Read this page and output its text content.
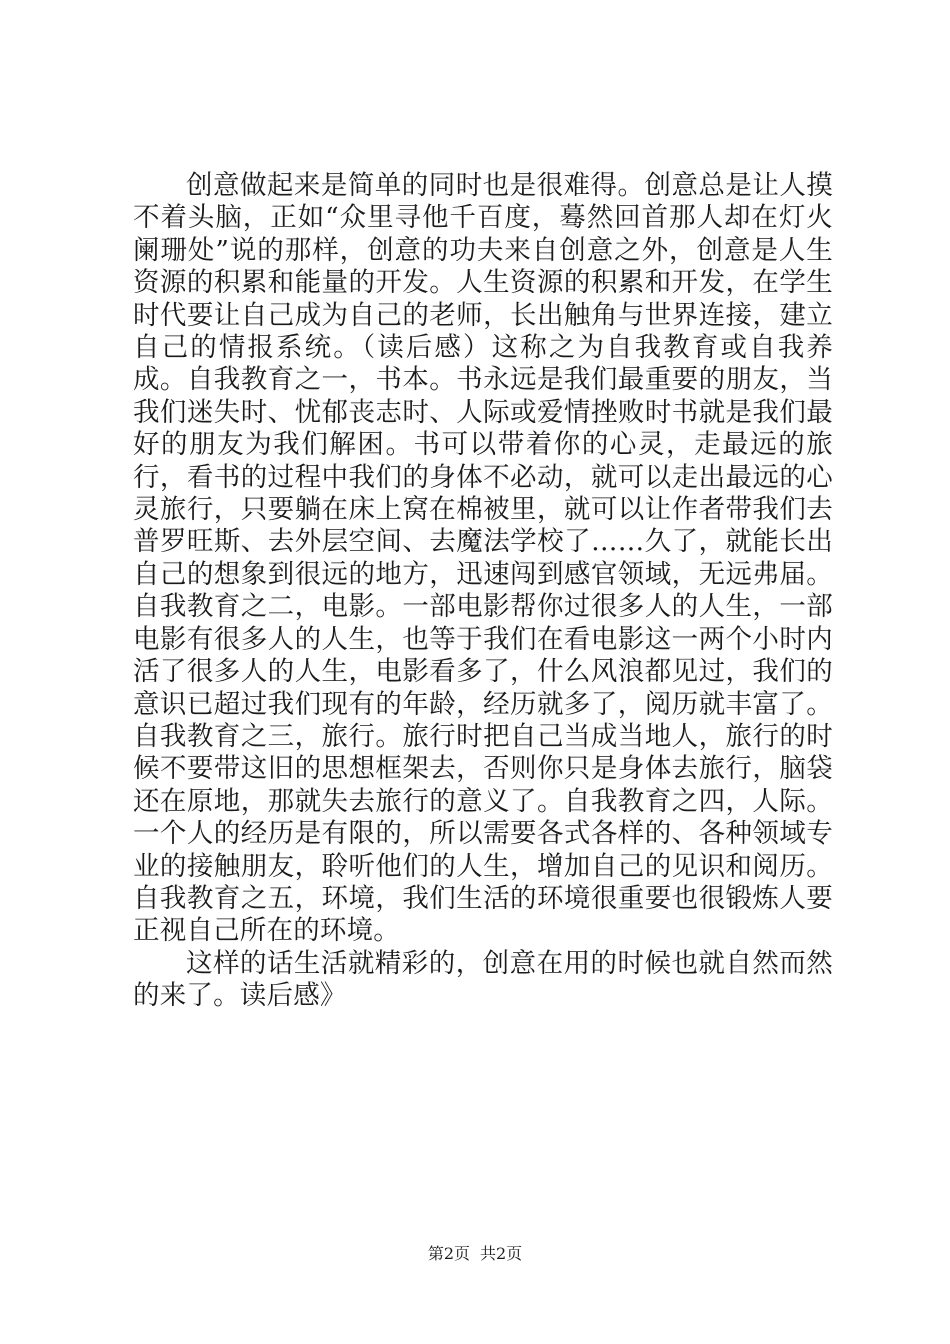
创意做起来是简单的同时也是很难得。创意总是让人摸不着头脑，正如“众里寻他千百度，蓦然回首那人却在灯火阑珊处”说的那样，创意的功夫来自创意之外，创意是人生资源的积累和能量的开发。人生资源的积累和开发，在学生时代要让自己成为自己的老师，长出触角与世界连接，建立自己的情报系统。（读后感）这称之为自我教育或自我养成。自我教育之一，书本。书永远是我们最重要的朋友，当我们迷失时、忧郁丧志时、人际或爱情挫败时书就是我们最好的朋友为我们解困。书可以带着你的心灵，走最远的旅行，看书的过程中我们的身体不必动，就可以走出最远的心灵旅行，只要躺在床上窝在棉被里，就可以让作者带我们去普罗旺斯、去外层空间、去魔法学校了……久了，就能长出自己的想象到很远的地方，迅速闯到感官领域，无远弗届。自我教育之二，电影。一部电影帮你过很多人的人生，一部电影有很多人的人生，也等于我们在看电影这一两个小时内活了很多人的人生，电影看多了，什么风浪都见过，我们的意识已超过我们现有的年龄，经历就多了，阅历就丰富了。自我教育之三，旅行。旅行时把自己当成当地人，旅行的时候不要带这旧的思想框架去，否则你只是身体去旅行，脑袋还在原地，那就失去旅行的意义了。自我教育之四，人际。一个人的经历是有限的，所以需要各式各样的、各种领域专业的接触朋友，聆听他们的人生，增加自己的见识和阅历。自我教育之五，环境，我们生活的环境很重要也很锻炼人要正视自己所在的环境。

这样的话生活就精彩的，创意在用的时候也就自然而然的来了。读后感》

第2页 共2页
